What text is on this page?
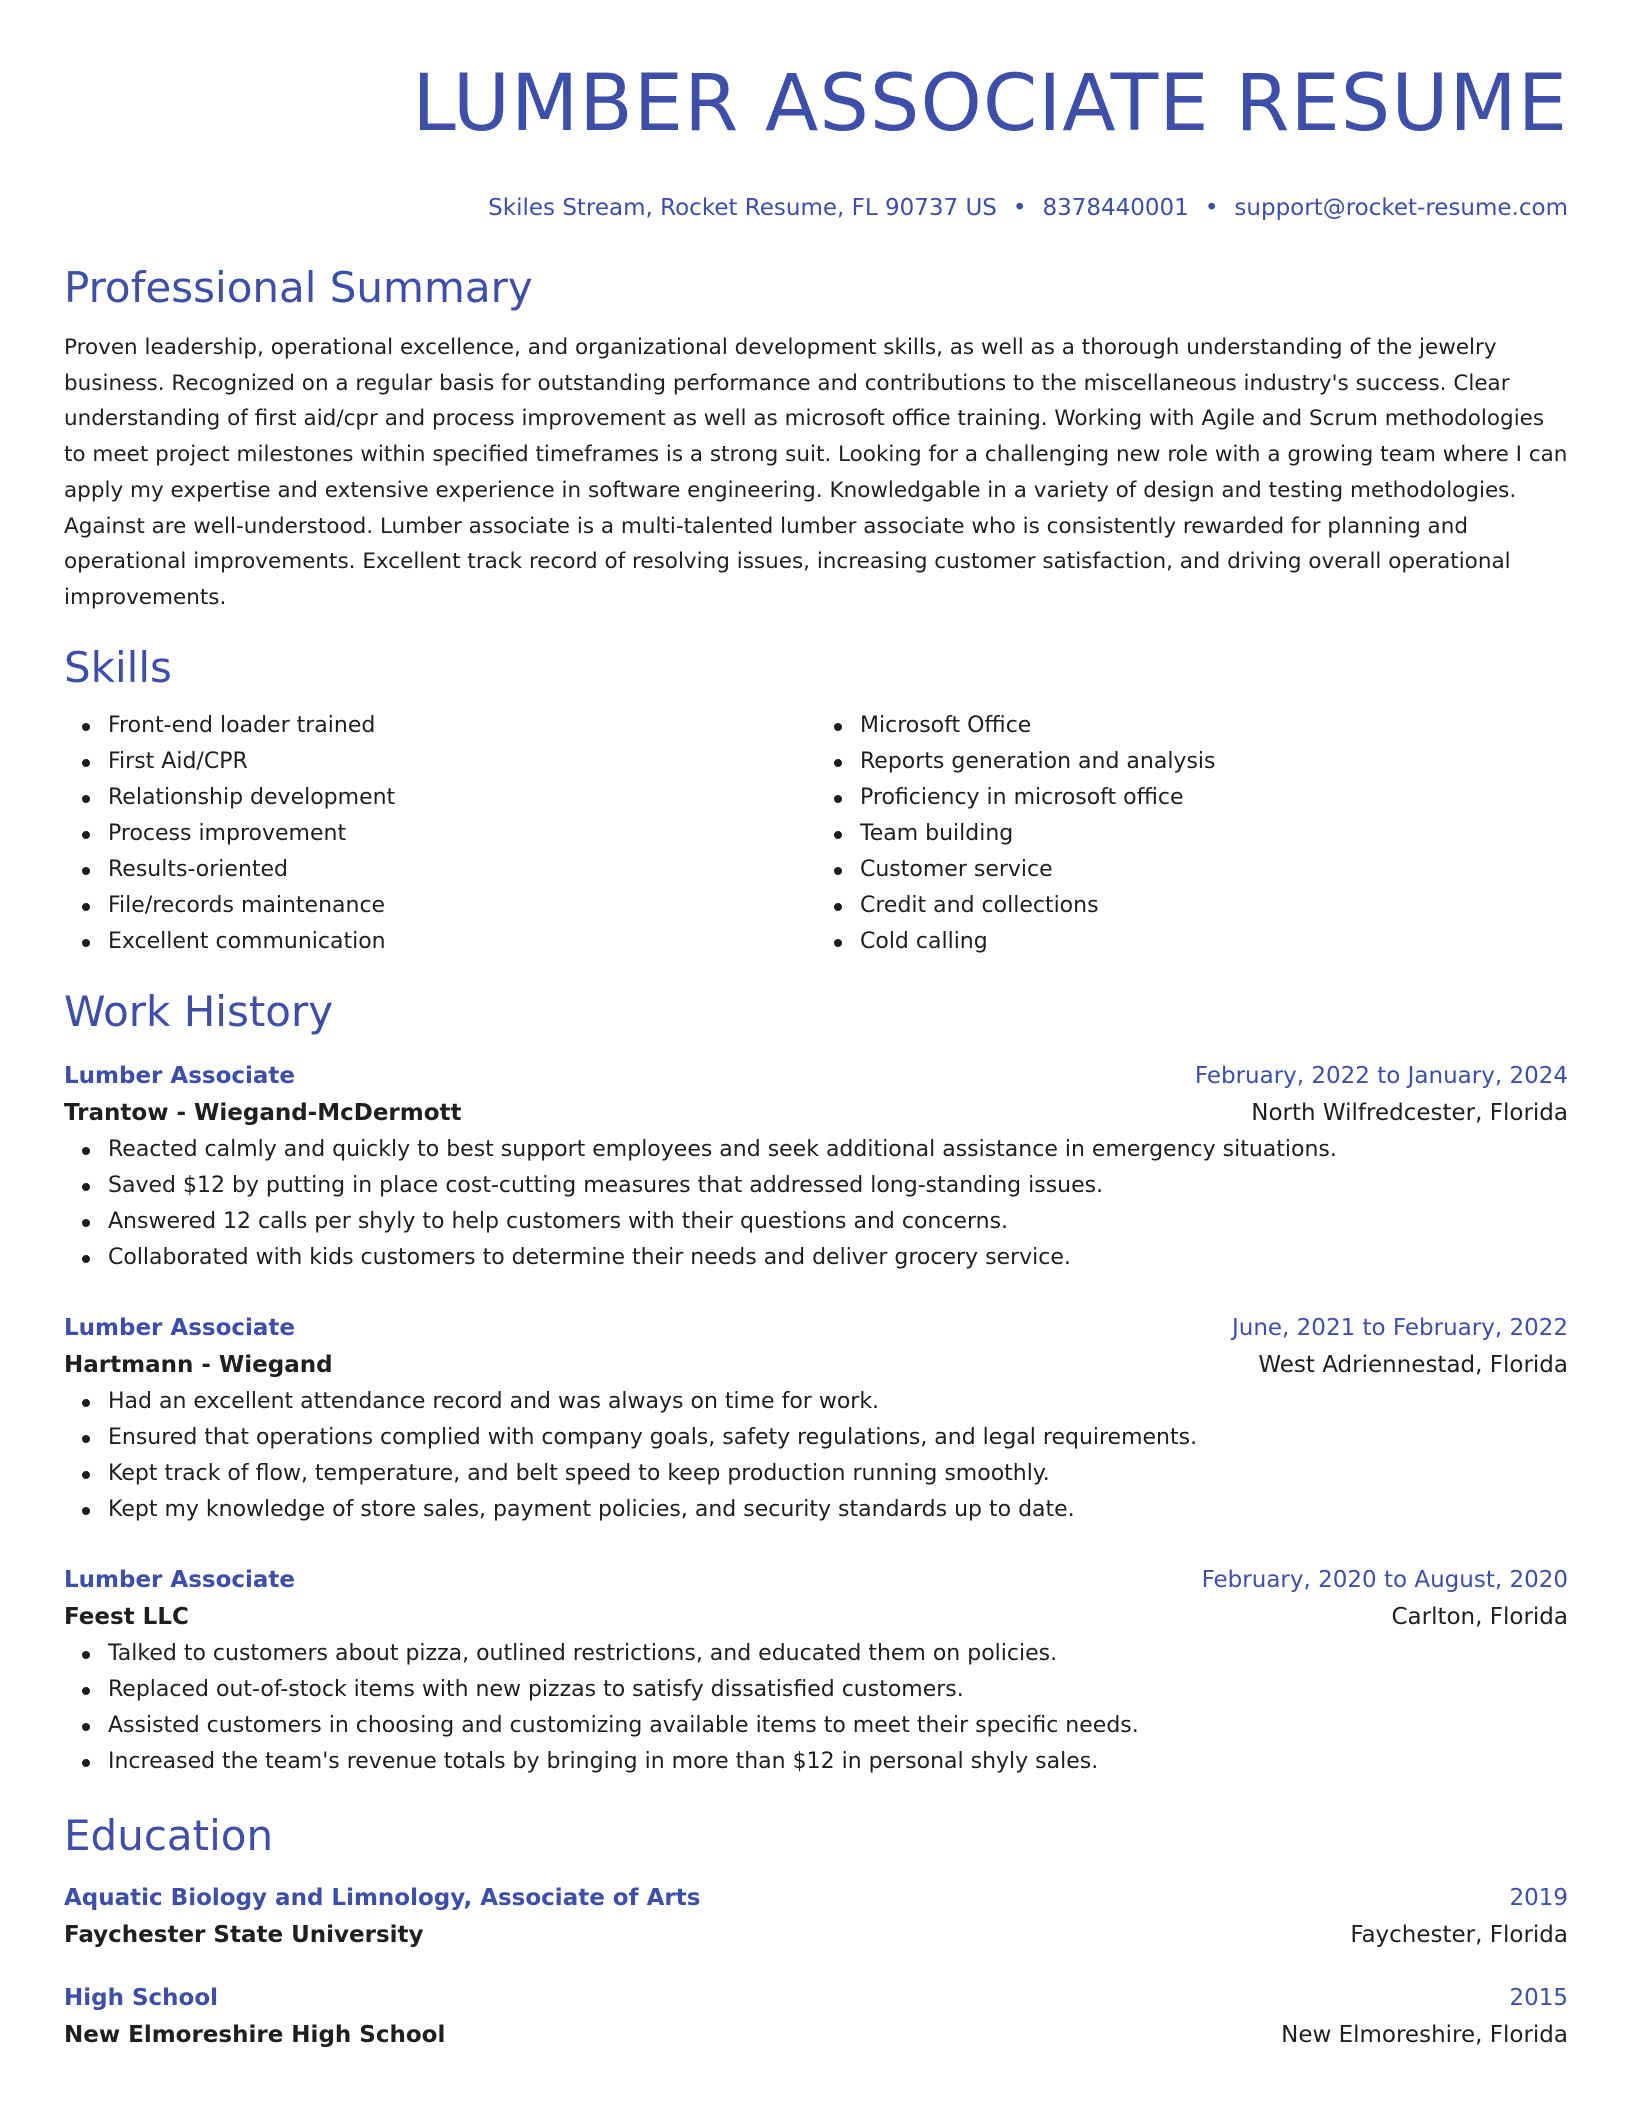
LUMBER ASSOCIATE RESUME
Skiles Stream, Rocket Resume, FL 90737 US • 8378440001 • support@rocket-resume.com
Professional Summary
Proven leadership, operational excellence, and organizational development skills, as well as a thorough understanding of the jewelry business. Recognized on a regular basis for outstanding performance and contributions to the miscellaneous industry's success. Clear understanding of first aid/cpr and process improvement as well as microsoft office training. Working with Agile and Scrum methodologies to meet project milestones within specified timeframes is a strong suit. Looking for a challenging new role with a growing team where I can apply my expertise and extensive experience in software engineering. Knowledgable in a variety of design and testing methodologies. Against are well-understood. Lumber associate is a multi-talented lumber associate who is consistently rewarded for planning and operational improvements. Excellent track record of resolving issues, increasing customer satisfaction, and driving overall operational improvements.
Skills
Front-end loader trained
First Aid/CPR
Relationship development
Process improvement
Results-oriented
File/records maintenance
Excellent communication
Microsoft Office
Reports generation and analysis
Proficiency in microsoft office
Team building
Customer service
Credit and collections
Cold calling
Work History
Lumber Associate	February, 2022 to January, 2024
Trantow - Wiegand-McDermott	North Wilfredcester, Florida
Reacted calmly and quickly to best support employees and seek additional assistance in emergency situations.
Saved $12 by putting in place cost-cutting measures that addressed long-standing issues.
Answered 12 calls per shyly to help customers with their questions and concerns.
Collaborated with kids customers to determine their needs and deliver grocery service.
Lumber Associate	June, 2021 to February, 2022
Hartmann - Wiegand	West Adriennestad, Florida
Had an excellent attendance record and was always on time for work.
Ensured that operations complied with company goals, safety regulations, and legal requirements.
Kept track of flow, temperature, and belt speed to keep production running smoothly.
Kept my knowledge of store sales, payment policies, and security standards up to date.
Lumber Associate	February, 2020 to August, 2020
Feest LLC	Carlton, Florida
Talked to customers about pizza, outlined restrictions, and educated them on policies.
Replaced out-of-stock items with new pizzas to satisfy dissatisfied customers.
Assisted customers in choosing and customizing available items to meet their specific needs.
Increased the team's revenue totals by bringing in more than $12 in personal shyly sales.
Education
Aquatic Biology and Limnology, Associate of Arts	2019
Faychester State University	Faychester, Florida
High School	2015
New Elmoreshire High School	New Elmoreshire, Florida
